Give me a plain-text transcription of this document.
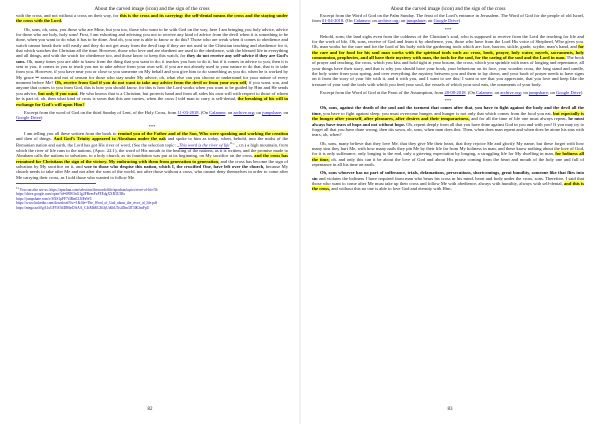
About the carved image (icon) and the sign of the cross

with the cross, and not without a cross on their way, for this is the cross and its carrying: the self-denial means the cross and the staying under the cross with the Lord.

Oh, sons, oh, sons, you those who are Mine, but you too, those who want to be with God on the way, here I am bringing you holy advice, advice for those who are holy, holy sons! First, I am exhorting and advising you not to receive any kind of advice from the devil when it is something to be done, when you want to do what it has to be done. And oh, you one is able to know or do this? Those who are weak when it comes to obedience and watch cannot break their will easily and they do not get away from the devil trap if they are not used to the Christian teaching and obedience for it, that which watches the Christian all the time. However, those who love and are obedient are used to the obedience, with the blessed life in everything and all things, and with the watch for obedience too, and those know to keep this watch, for they do not receive any self-advice if they are God’s sons. Oh, many times you are able to know from the thing that you want to do; it teaches you how to do it, but if it comes in advice to you, then it is sent to you, it comes to you to teach you not to take advice from your own self, if you are not already used to your nature to do that, that is to take from you. However, if you have near you or close to you someone on My behalf and you give him to do something as you do, when he is worked by My grace ⇒ season and not of season for those who stay under My advice, oh, what else can you choose or understand for your nature of every moment before Me? Oh, receive from God if you do not want to take any advice from the devil or from your own self, if you want, son, and anyone that comes to you from God, this is how you should know, for this is how the Lord works when you want to be guided by Him and He sends you advice, but only if you want. He who knows that is a Christian, but protects hand and from all sides his own will with respect to those of whom he is part of, oh, then what kind of cross is sown that this one carries, when the cross I told man to carry is self-denial, the breaking of his will in exchange for God’s will upon Him?

Excerpt from the word of God on the third Sunday of Lent, of the Holy Cross, from 11-03-2018. (On Calameo; on archive.org; on jumpshare; on Google Drive)

***

I am telling you all these written from the book to remind you of the Father and of the Son, Who were speaking and working the creation and then of things. And God’s Trinity appeared to Abraham under the oak and spoke to him as today, when, behold, into the midst of the Romanian nation and earth, the Lord has got His river of word, (See the selection topic: „This word is the river of life$^{11}$” „ r.n.) a high mountain, from which the river of life runs to the nations, (Apoc. 22:1), the word of His mouth to the healing of the nations, as it is written, and the promise made to Abraham calls the nations to salvation, to a holy church, as its foundation was put at its beginning, on My sacrifice on the cross, and the cross has remained for Christians the sign of the victory. My embracing with them from generation to generation, and the cross has become the sign of salvation by My sacrifice on it, and woe to those who despise this nation, which I, the crucified One, have left over the church, because My church needs to take after Me and not after the sons of the world, not after those without a cross, who cannot deny themselves in order to come after Me carrying their cross, as I told those who wanted to follow Me.

$^{11}$ You can also see us: https://apachan.com/selection/thewordoflife/apachan/topics/river-of-life/56
https://drive.google.com/open?id=0BW3nG1g2FReesFxFEEdgXXR3U3Rs
https://jumpshare.com/v/SXS1pFF7t3RmCIJ4PaW6
https://www.linkedin.com/download?fw=1&file=The_Word_of_God_about_the_river_of_life.pdf
https://mega.nz/#!gA1xGFYA!bIDR6eDAAA_C4fMbRCZ63jUtKhUXs4Dm3lT3lK3mFpU
82
About the carved image (icon) and the sign of the cross

Excerpt from the Word of God on the Palm Sunday. The feast of the Lord’s entrance in Jerusalem. The Word of God for the people of old Israel, from 01-04-2018. (On Calameo; on archive.org; on jumpshare; on Google Drive)

***

Behold, sons; the land sighs even from the coldness of the Christian’s soul, who is supposed to receive from the Lord the teaching for life and for the work of life. Oh, sons, receive of God and learn it by obedience, you, those who have from the Lord His voice of Shepherd, Who gives you. Oh, man works for the care and for the food of his body with the gardening tools which are: hoe, harrow, sickle, grade, scythe, man’s hand, and for the care and for food for his soul man works with the spiritual tools such as: cross, book, prayer, holy water, myrrh, sacraments, holy communion, prophecies, and all have their mystery with man, the tools for the soul, for the caring of the soul and the Lord in man. The book of prayer and teaching, the cross, which you kiss and hold tight at your bosom, the cross, which you sprinkle with tears of longing and repentance, all your things have their story, and that is why you should have your book, your behaviour on its face, your wooden cross, the long stand and candle, the holy water from your spring, and over everything the mystery between you and them to lay down, and your book of prayer needs to have signs on it from the story of your life with it, and it with you, and I want to see this; I want to see that you appreciate, that you love and keep like the treasure of your soul the tools with which you feed your soul, the vessels of which your soul eats, the ornaments of your body.

Excerpt from the Word of God at the Feast of the Assumption, from 28-08-2018. (On Calameo; on archive.org; on jumpshare; on Google Drive)

***

Oh, sons, against the death of the soul and the torment that comes after that, you have to fight against the body and the devil all the time, you have to fight against sleep, you must overcome hunger, and hunger is not only that which comes from the food you eat, but especially is the hunger after yourself, after pleasures, after desires and their temporariness, and for all the time of life one must always repent, he must always have tears of hope and not without hope. Oh, repent deeply from all that you have done against God in you and with you! If you may try to forget all that you have done wrong, then itis sown, oh, sons, when man does this. Then, when does man repent and when does he atone his sins with tears, oh, when?

Oh, sons, many believe that they love Me, that they give Me their heart, that they rejoice Me and glorify My name, but these forget with how many sins they hurt Me, with how many nails they pin Me by their life far from My holiness in man, and these know nothing about the love of God, for it is only sufferance, only longing to the end, only a grieving expectation by longing, a struggling life for My dwelling in man, for holiness all the time, oh, and only this can it be about the love of God and about His praise coming from the heart and mouth of the holy one and full of repentance in all his time on earth.

Oh, sons whoever has no part of sufferance, trials, defamations, persecutions, shortcomings, great humility, someone like that flies into sin and violates the holiness I have required from man who bears his cross in his mind, heart and body under the cross, sons. Therefore, I said that those who want to come after Me must take up their cross and follow Me with obedience, always with humility, always with self-denial, and this is the cross, and without this no one is able to love God and eternity with Him.

83
